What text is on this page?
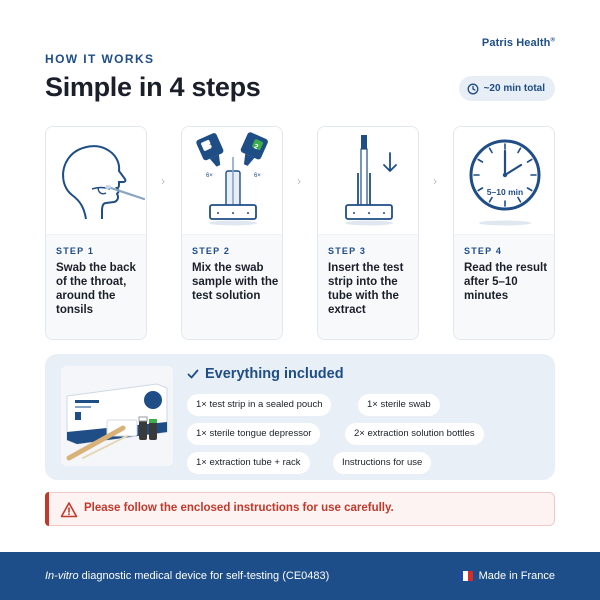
Patris Health®
HOW IT WORKS
Simple in 4 steps	~20 min total
STEP 1
Swab the back of the throat, around the tonsils
›
1	2
6×	6×
STEP 2
Mix the swab sample with the test solution
›
STEP 3
Insert the test strip into the tube with the extract
›
5–10 min
STEP 4
Read the result after 5–10 minutes
Everything included
1× test strip in a sealed pouch	1× sterile swab
1× sterile tongue depressor	2× extraction solution bottles
1× extraction tube + rack	Instructions for use
Please follow the enclosed instructions for use carefully.
In-vitro diagnostic medical device for self-testing (CE0483)	Made in France
